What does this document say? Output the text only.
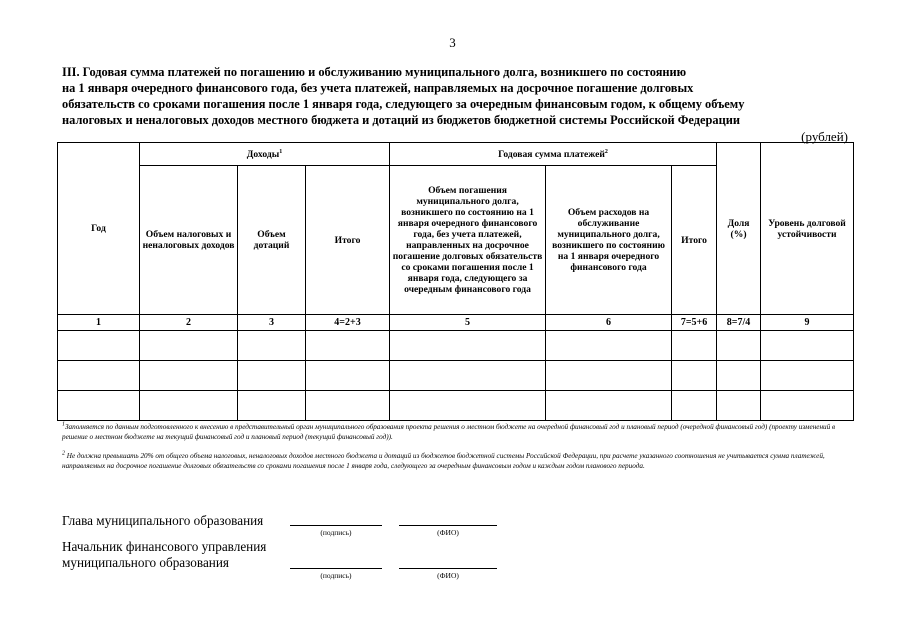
3
III. Годовая сумма платежей по погашению и обслуживанию муниципального долга, возникшего по состоянию
на 1 января очередного финансового года, без учета платежей, направляемых на досрочное погашение долговых
обязательств со сроками погашения после 1 января года, следующего за очередным финансовым годом, к общему объему
налоговых и неналоговых доходов местного бюджета и дотаций из бюджетов бюджетной системы Российской Федерации
(рублей)
Год	Доходы$^1$			Годовая сумма платежей$^2$			Доля (%)	Уровень долговой устойчивости
	Объем налоговых и неналоговых доходов	Объем дотаций	Итого	Объем погашения муниципального долга, возникшего по состоянию на 1 января очередного финансового года, без учета платежей, направленных на досрочное погашение долговых обязательств со сроками погашения после 1 января года, следующего за очередным финансового года	Объем расходов на обслуживание муниципального долга, возникшего по состоянию на 1 января очередного финансового года	Итого		
1	2	3	4=2+3	5	6	7=5+6	8=7/4	9

$^1$Заполняется по данным подготовленного к внесению в представительный орган муниципального образования проекта решения о местном бюджете на очередной финансовый год и плановый период (очередной финансовый год) (проекту изменений в решение о местном бюджете на текущий финансовый год и плановый период (текущий финансовый год)).
$^2$ Не должна превышать 20% от общего объема налоговых, неналоговых доходов местного бюджета и дотаций из бюджетов бюджетной системы Российской Федерации, при расчете указанного соотношения не учитывается сумма платежей, направляемых на досрочное погашение долговых обязательств со сроками погашения после 1 января года, следующего за очередным финансовым годом и каждым годом планового периода.
Глава муниципального образования
(подпись)	(ФИО)
Начальник финансового управления
муниципального образования
(подпись)	(ФИО)
